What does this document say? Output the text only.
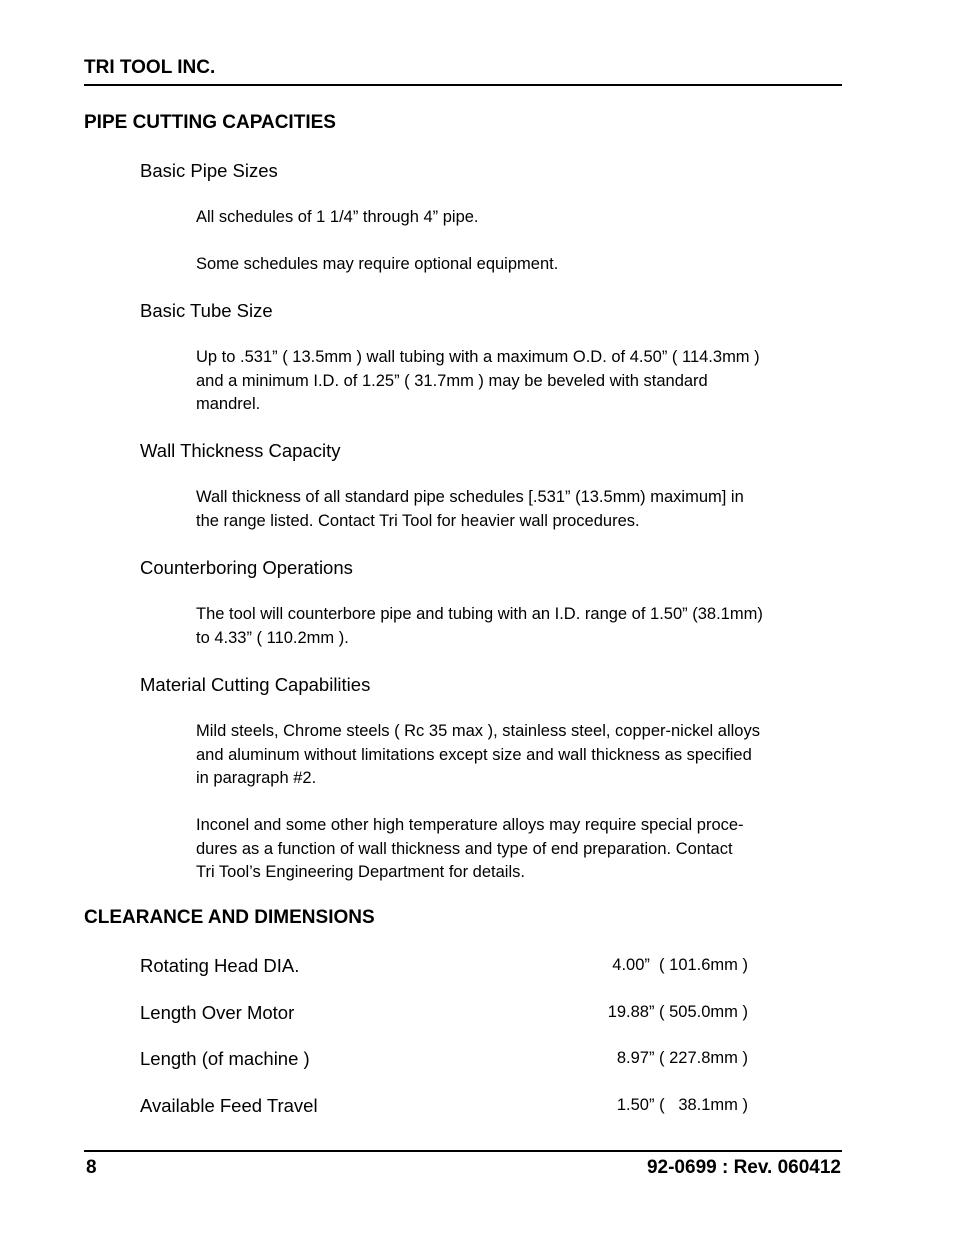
TRI TOOL INC.
PIPE CUTTING CAPACITIES
Basic Pipe Sizes
All schedules of 1 1/4” through 4” pipe.
Some schedules may require optional equipment.
Basic Tube Size
Up to .531” ( 13.5mm ) wall tubing with a maximum O.D. of 4.50” ( 114.3mm )
and a minimum I.D. of 1.25” ( 31.7mm ) may be beveled with standard
mandrel.
Wall Thickness Capacity
Wall thickness of all standard pipe schedules [.531” (13.5mm) maximum] in
the range listed. Contact Tri Tool for heavier wall procedures.
Counterboring Operations
The tool will counterbore pipe and tubing with an I.D. range of 1.50” (38.1mm)
to 4.33” ( 110.2mm ).
Material Cutting Capabilities
Mild steels, Chrome steels ( Rc 35 max ), stainless steel, copper-nickel alloys
and aluminum without limitations except size and wall thickness as specified
in paragraph #2.
Inconel and some other high temperature alloys may require special proce-
dures as a function of wall thickness and type of end preparation. Contact
Tri Tool’s Engineering Department for details.
CLEARANCE AND DIMENSIONS
Rotating Head DIA.	4.00”  ( 101.6mm )
Length Over Motor	19.88” ( 505.0mm )
Length (of machine )	8.97” ( 227.8mm )
Available Feed Travel	1.50” (   38.1mm )
8	92-0699 : Rev. 060412
